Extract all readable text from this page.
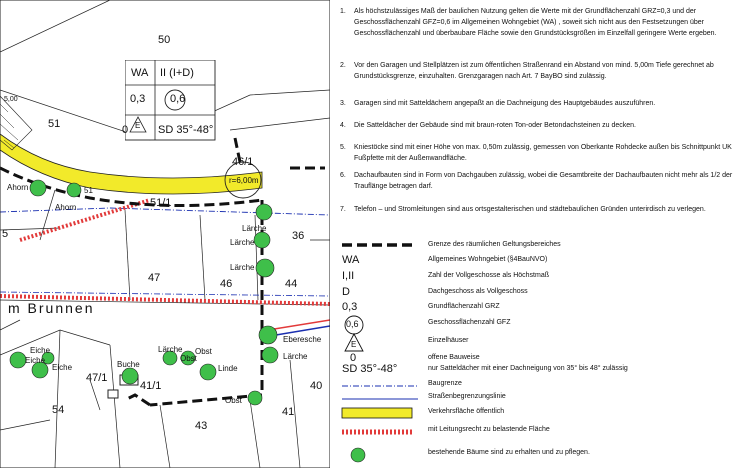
WA II (I+D)
0,3 0,6
0 E SD 35°-48°
50
51
5
47	46	44
36
54
43
41
40
46/1
51/1
47/1
41/1
51
r=6,00m
m Brunnen
5,00
Ahorn
Ahorn
Lärche
Lärche
Lärche
Lärche
Eiche
Eiche
Eiche	Buche
Obst
Linde
Obst
Lärche
Obst
Eberesche
1. Als höchstzulässiges Maß der baulichen Nutzung gelten die Werte mit der Grundflächenzahl GRZ=0,3 und der Geschossflächenzahl GFZ=0,6 im Allgemeinen Wohngebiet (WA) , soweit sich nicht aus den Festsetzungen über Geschossflächenzahl und überbaubare Fläche sowie den Grundstücksgrößen im Einzelfall geringere Werte ergeben.
2. Vor den Garagen und Stellplätzen ist zum öffentlichen Straßenrand ein Abstand von mind. 5,00m Tiefe gerechnet ab Grundstücksgrenze, einzuhalten. Grenzgaragen nach Art. 7 BayBO sind zulässig.
3. Garagen sind mit Satteldächern angepaßt an die Dachneigung des Hauptgebäudes auszuführen.
4. Die Satteldächer der Gebäude sind mit braun-roten Ton-oder Betondachsteinen zu decken.
5. Kniestöcke sind mit einer Höhe von max. 0,50m zulässig, gemessen von Oberkante Rohdecke außen bis Schnittpunkt UK Fußpfette mit der Außenwandfläche.
6. Dachaufbauten sind in Form von Dachgauben zulässig, wobei die Gesamtbreite der Dachaufbauten nicht mehr als 1/2 der Trauflänge betragen darf.
7. Telefon – und Stromleitungen sind aus ortsgestalterischen und städtebaulichen Gründen unterirdisch zu verlegen.
Grenze des räumlichen Geltungsbereiches
WA	Allgemeines Wohngebiet (§4BauNVO)
I,II	Zahl der Vollgeschosse als Höchstmaß
D	Dachgeschoss als Vollgeschoss
0,3	Grundflächenzahl GRZ
0,6	Geschossflächenzahl GFZ
E	Einzelhäuser
0	offene Bauweise
SD 35°-48°	nur Satteldächer mit einer Dachneigung von 35° bis 48° zulässig
Baugrenze
Straßenbegrenzungslinie
Verkehrsfläche öffentlich
mit Leitungsrecht zu belastende Fläche
bestehende Bäume sind zu erhalten und zu pflegen.
